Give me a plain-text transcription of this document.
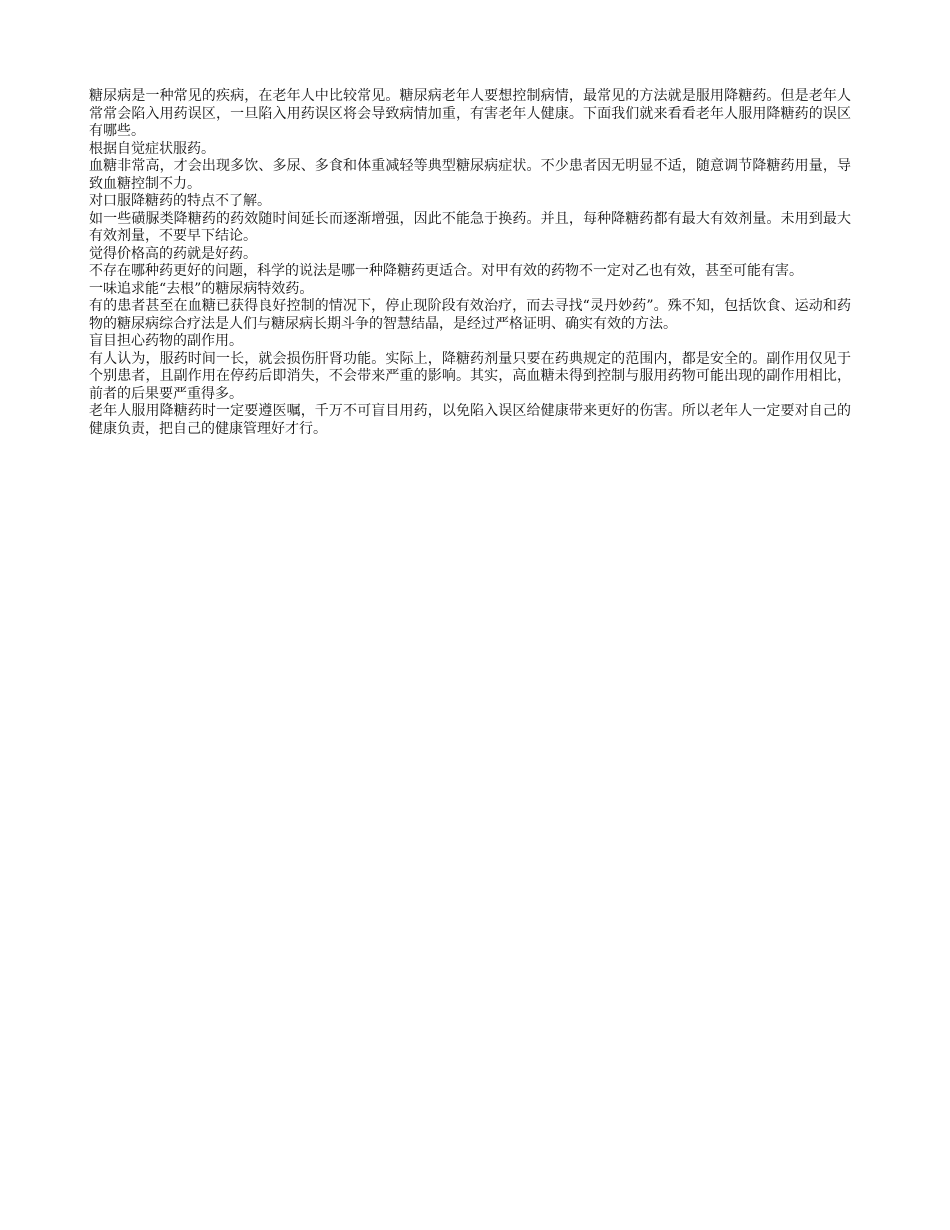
糖尿病是一种常见的疾病，在老年人中比较常见。糖尿病老年人要想控制病情，最常见的方法就是服用降糖药。但是老年人常常会陷入用药误区，一旦陷入用药误区将会导致病情加重，有害老年人健康。下面我们就来看看老年人服用降糖药的误区有哪些。

根据自觉症状服药。

血糖非常高，才会出现多饮、多尿、多食和体重减轻等典型糖尿病症状。不少患者因无明显不适，随意调节降糖药用量，导致血糖控制不力。

对口服降糖药的特点不了解。

如一些磺脲类降糖药的药效随时间延长而逐渐增强，因此不能急于换药。并且，每种降糖药都有最大有效剂量。未用到最大有效剂量，不要早下结论。

觉得价格高的药就是好药。

不存在哪种药更好的问题，科学的说法是哪一种降糖药更适合。对甲有效的药物不一定对乙也有效，甚至可能有害。

一味追求能“去根”的糖尿病特效药。

有的患者甚至在血糖已获得良好控制的情况下，停止现阶段有效治疗，而去寻找“灵丹妙药”。殊不知，包括饮食、运动和药物的糖尿病综合疗法是人们与糖尿病长期斗争的智慧结晶，是经过严格证明、确实有效的方法。

盲目担心药物的副作用。

有人认为，服药时间一长，就会损伤肝肾功能。实际上，降糖药剂量只要在药典规定的范围内，都是安全的。副作用仅见于个别患者，且副作用在停药后即消失，不会带来严重的影响。其实，高血糖未得到控制与服用药物可能出现的副作用相比，前者的后果要严重得多。

老年人服用降糖药时一定要遵医嘱，千万不可盲目用药，以免陷入误区给健康带来更好的伤害。所以老年人一定要对自己的健康负责，把自己的健康管理好才行。
